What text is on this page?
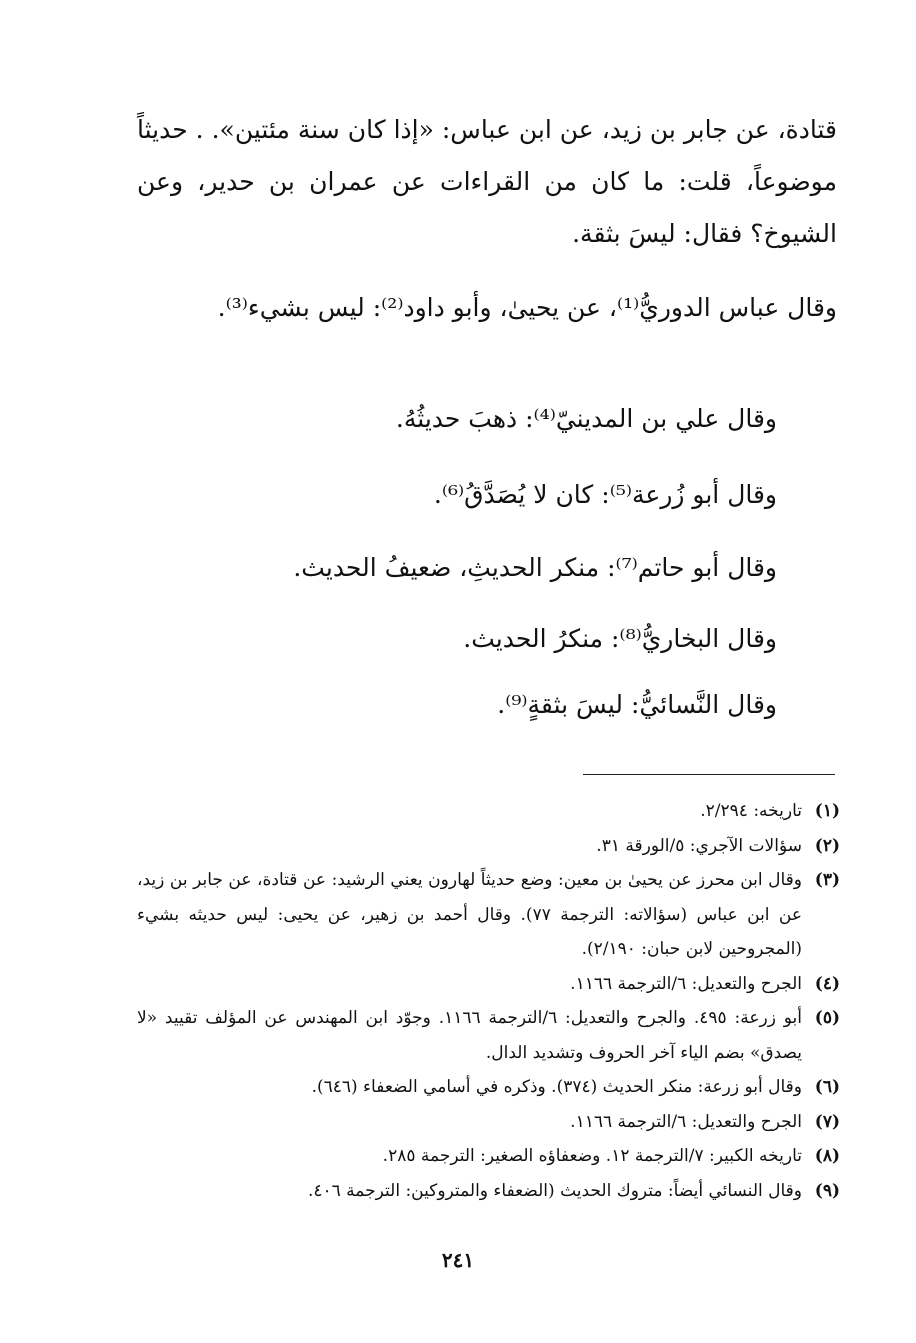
قتادة، عن جابر بن زيد، عن ابن عباس: «إذا كان سنة مئتين». . حديثاً موضوعاً، قلت: ما كان من القراءات عن عمران بن حدير، وعن الشيوخ؟ فقال: ليسَ بثقة.
وقال عباس الدوريُّ⁽¹⁾، عن يحيىٰ، وأبو داود⁽²⁾: ليس بشيء⁽³⁾.
وقال علي بن المدينيّ⁽⁴⁾: ذهبَ حديثُهُ.
وقال أبو زُرعة⁽⁵⁾: كان لا يُصَدَّقُ⁽⁶⁾.
وقال أبو حاتم⁽⁷⁾: منكر الحديثِ، ضعيفُ الحديث.
وقال البخاريُّ⁽⁸⁾: منكرُ الحديث.
وقال النَّسائيُّ: ليسَ بثقةٍ⁽⁹⁾.
(١)
تاريخه: ٢/٢٩٤.
(٢)
سؤالات الآجري: ٥/الورقة ٣١.
(٣)
وقال ابن محرز عن يحيىٰ بن معين: وضع حديثاً لهارون يعني الرشيد: عن قتادة، عن جابر بن زيد، عن ابن عباس (سؤالاته: الترجمة ٧٧). وقال أحمد بن زهير، عن يحيى: ليس حديثه بشيء (المجروحين لابن حبان: ٢/١٩٠).
(٤)
الجرح والتعديل: ٦/الترجمة ١١٦٦.
(٥)
أبو زرعة: ٤٩٥. والجرح والتعديل: ٦/الترجمة ١١٦٦. وجوّد ابن المهندس عن المؤلف تقييد «لا يصدق» بضم الياء آخر الحروف وتشديد الدال.
(٦)
وقال أبو زرعة: منكر الحديث (٣٧٤). وذكره في أسامي الضعفاء (٦٤٦).
(٧)
الجرح والتعديل: ٦/الترجمة ١١٦٦.
(٨)
تاريخه الكبير: ٧/الترجمة ١٢. وضعفاؤه الصغير: الترجمة ٢٨٥.
(٩)
وقال النسائي أيضاً: متروك الحديث (الضعفاء والمتروكين: الترجمة ٤٠٦.
٢٤١
